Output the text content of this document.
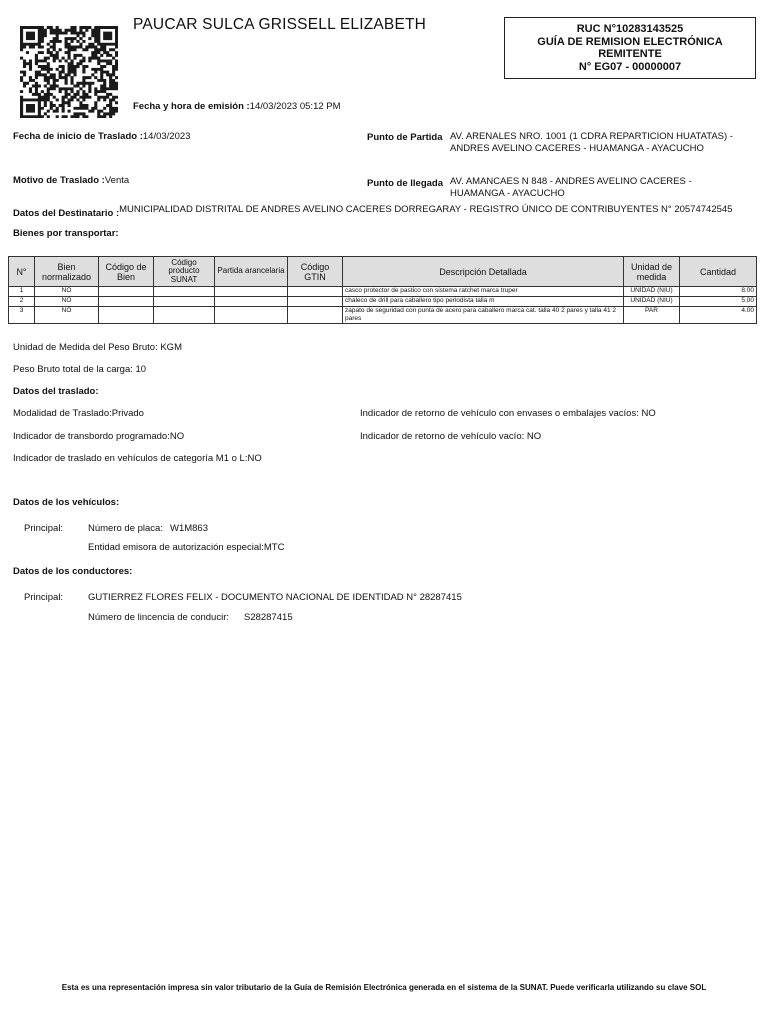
PAUCAR SULCA GRISSELL ELIZABETH	RUC N°10283143525
GUÍA DE REMISION ELECTRÓNICA
REMITENTE
N° EG07 - 00000007
Fecha y hora de emisión :14/03/2023 05:12 PM
Fecha de inicio de Traslado :14/03/2023	Punto de Partida AV. ARENALES NRO. 1001 (1 CDRA REPARTICION HUATATAS) -
ANDRES AVELINO CACERES - HUAMANGA - AYACUCHO
Motivo de Traslado :Venta	Punto de llegada AV. AMANCAES N 848 - ANDRES AVELINO CACERES -
HUAMANGA - AYACUCHO
Datos del Destinatario :MUNICIPALIDAD DISTRITAL DE ANDRES AVELINO CACERES DORREGARAY - REGISTRO ÚNICO DE CONTRIBUYENTES N° 20574742545
Bienes por transportar:
N°	Bien normalizado	Código de Bien	Código producto SUNAT	Partida arancelaria	Código GTIN	Descripción Detallada	Unidad de medida	Cantidad
1	NO					casco protector de pastico con sistema ratchet marca truper	UNIDAD (NIU)	8.00
2	NO					chaleco de drill para caballero tipo periodista talla m	UNIDAD (NIU)	5.00
3	NO					zapato de seguridad con punta de acero para caballero marca cat. talla 40 2 pares y talla 41 2 pares	PAR	4.00
Unidad de Medida del Peso Bruto: KGM
Peso Bruto total de la carga: 10
Datos del traslado:
Modalidad de Traslado:Privado	Indicador de retorno de vehículo con envases o embalajes vacíos: NO
Indicador de transbordo programado:NO	Indicador de retorno de vehículo vacío: NO
Indicador de traslado en vehículos de categoría M1 o L:NO
Datos de los vehículos:
Principal:	Número de placa: W1M863
Entidad emisora de autorización especial:MTC
Datos de los conductores:
Principal:	GUTIERREZ FLORES FELIX - DOCUMENTO NACIONAL DE IDENTIDAD N° 28287415
Número de lincencia de conducir: S28287415
Esta es una representación impresa sin valor tributario de la Guía de Remisión Electrónica generada en el sistema de la SUNAT. Puede verificarla utilizando su clave SOL
